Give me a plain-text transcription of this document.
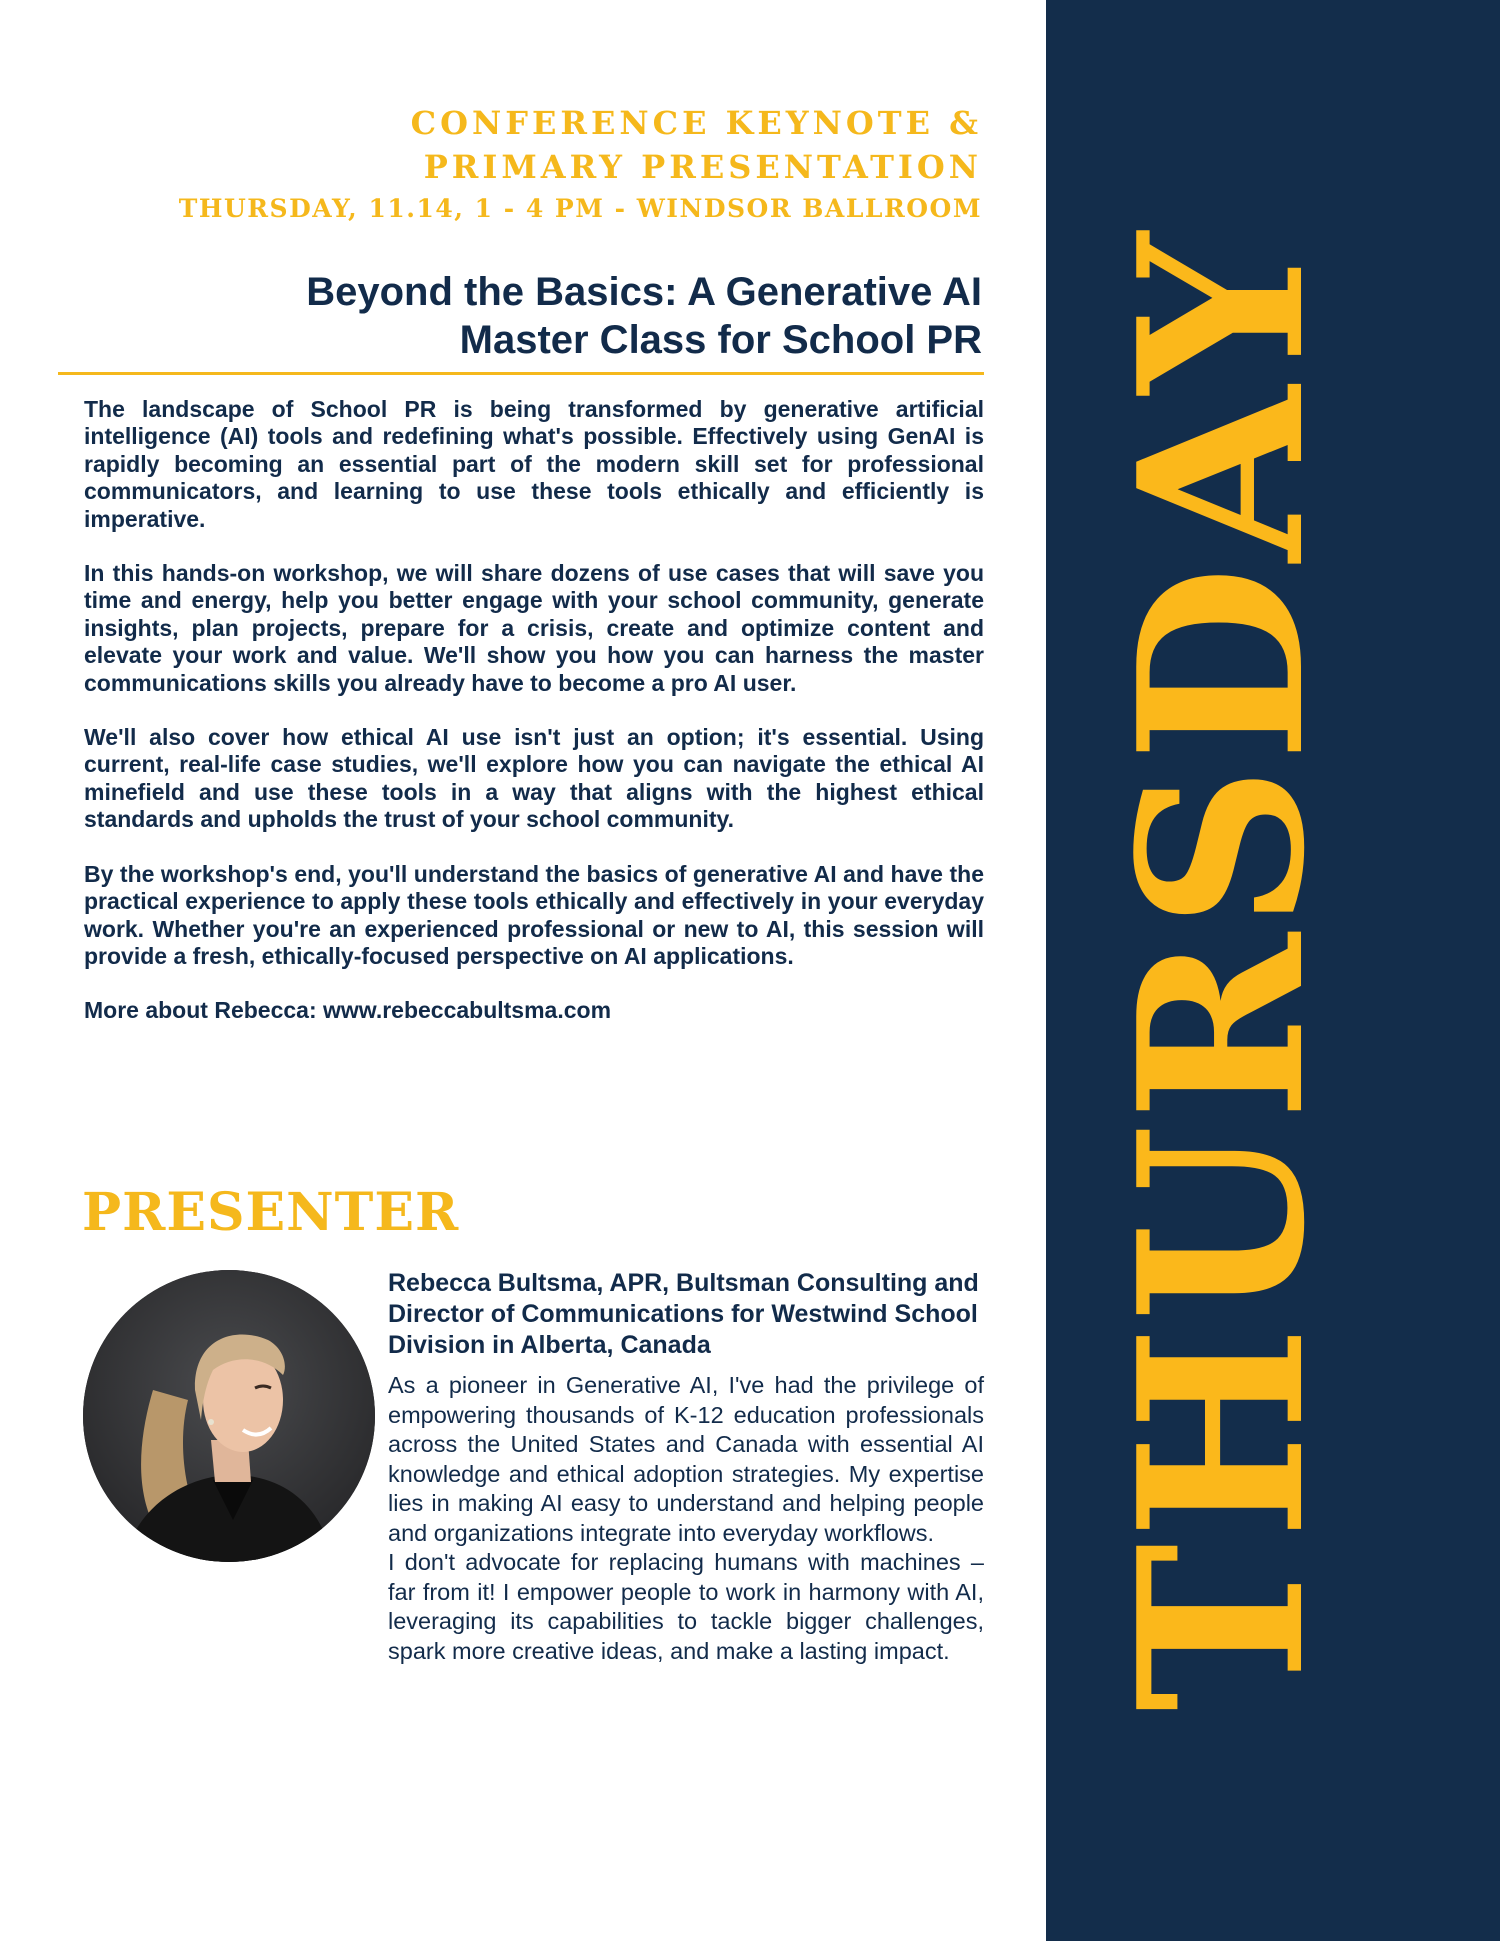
THURSDAY
CONFERENCE KEYNOTE &
PRIMARY PRESENTATION
THURSDAY, 11.14, 1 - 4 PM - WINDSOR BALLROOM
Beyond the Basics: A Generative AI
Master Class for School PR

The landscape of School PR is being transformed by generative artificial intelligence (AI) tools and redefining what's possible. Effectively using GenAI is rapidly becoming an essential part of the modern skill set for professional communicators, and learning to use these tools ethically and efficiently is imperative.

In this hands-on workshop, we will share dozens of use cases that will save you time and energy, help you better engage with your school community, generate insights, plan projects, prepare for a crisis, create and optimize content and elevate your work and value. We'll show you how you can harness the master communications skills you already have to become a pro AI user.

We'll also cover how ethical AI use isn't just an option; it's essential. Using current, real-life case studies, we'll explore how you can navigate the ethical AI minefield and use these tools in a way that aligns with the highest ethical standards and upholds the trust of your school community.

By the workshop's end, you'll understand the basics of generative AI and have the practical experience to apply these tools ethically and effectively in your everyday work. Whether you're an experienced professional or new to AI, this session will provide a fresh, ethically-focused perspective on AI applications.

More about Rebecca: www.rebeccabultsma.com

PRESENTER
Rebecca Bultsma, APR, Bultsman Consulting and Director of Communications for Westwind School Division in Alberta, Canada

As a pioneer in Generative AI, I've had the privilege of empowering thousands of K-12 education professionals across the United States and Canada with essential AI knowledge and ethical adoption strategies. My expertise lies in making AI easy to understand and helping people and organizations integrate into everyday workflows.

I don't advocate for replacing humans with machines – far from it! I empower people to work in harmony with AI, leveraging its capabilities to tackle bigger challenges, spark more creative ideas, and make a lasting impact.
